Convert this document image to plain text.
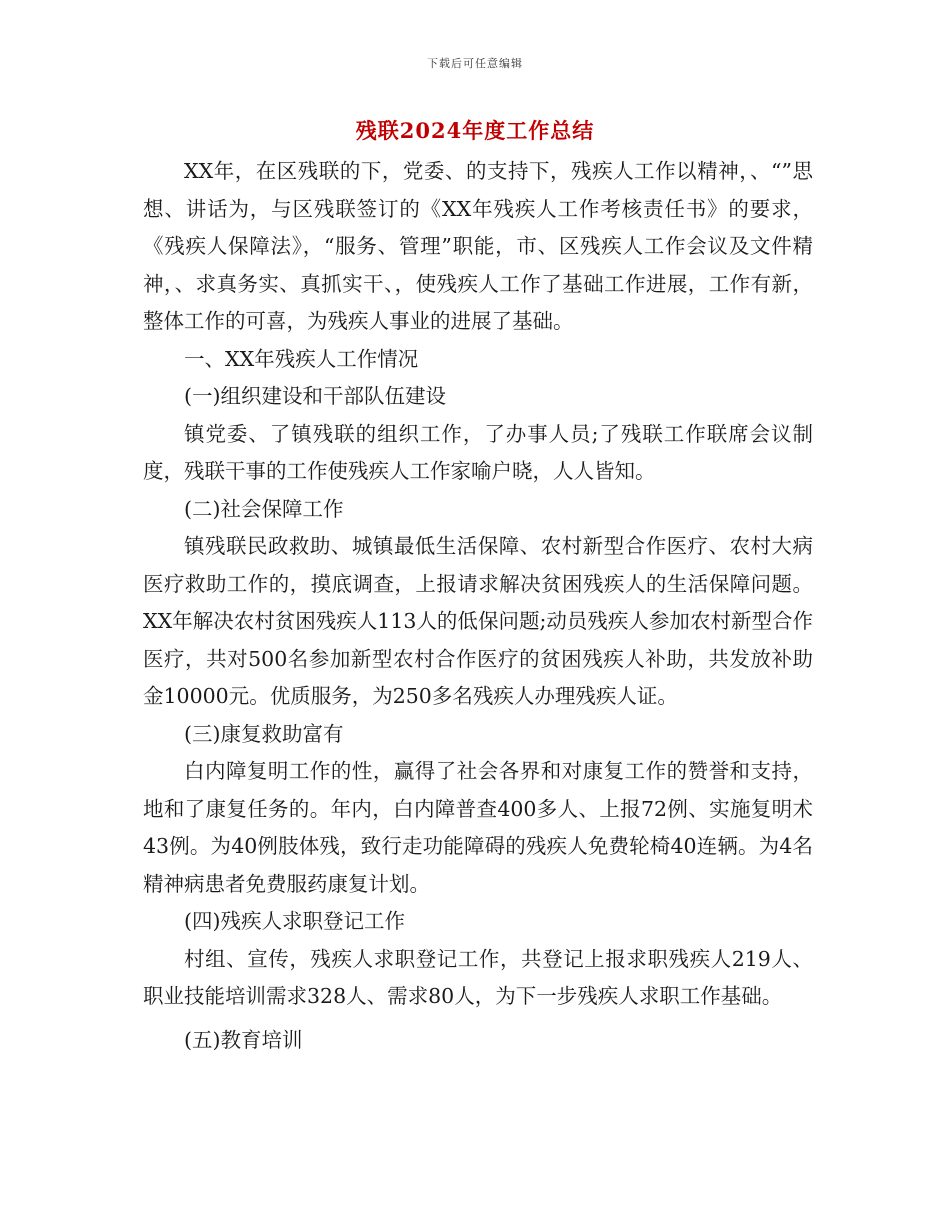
下载后可任意编辑
残联2024年度工作总结

XX年，在区残联的下，党委、的支持下，残疾人工作以精神，、“”思想、讲话为，与区残联签订的《XX年残疾人工作考核责任书》的要求，《残疾人保障法》，“服务、管理”职能，市、区残疾人工作会议及文件精神，、求真务实、真抓实干、，使残疾人工作了基础工作进展，工作有新，整体工作的可喜，为残疾人事业的进展了基础。

一、XX年残疾人工作情况

(一)组织建设和干部队伍建设

镇党委、了镇残联的组织工作，了办事人员;了残联工作联席会议制度，残联干事的工作使残疾人工作家喻户晓，人人皆知。

(二)社会保障工作

镇残联民政救助、城镇最低生活保障、农村新型合作医疗、农村大病医疗救助工作的，摸底调查，上报请求解决贫困残疾人的生活保障问题。XX年解决农村贫困残疾人113人的低保问题;动员残疾人参加农村新型合作医疗，共对500名参加新型农村合作医疗的贫困残疾人补助，共发放补助金10000元。优质服务，为250多名残疾人办理残疾人证。

(三)康复救助富有

白内障复明工作的性，赢得了社会各界和对康复工作的赞誉和支持，地和了康复任务的。年内，白内障普查400多人、上报72例、实施复明术43例。为40例肢体残，致行走功能障碍的残疾人免费轮椅40连辆。为4名精神病患者免费服药康复计划。

(四)残疾人求职登记工作

村组、宣传，残疾人求职登记工作，共登记上报求职残疾人219人、职业技能培训需求328人、需求80人，为下一步残疾人求职工作基础。

(五)教育培训
